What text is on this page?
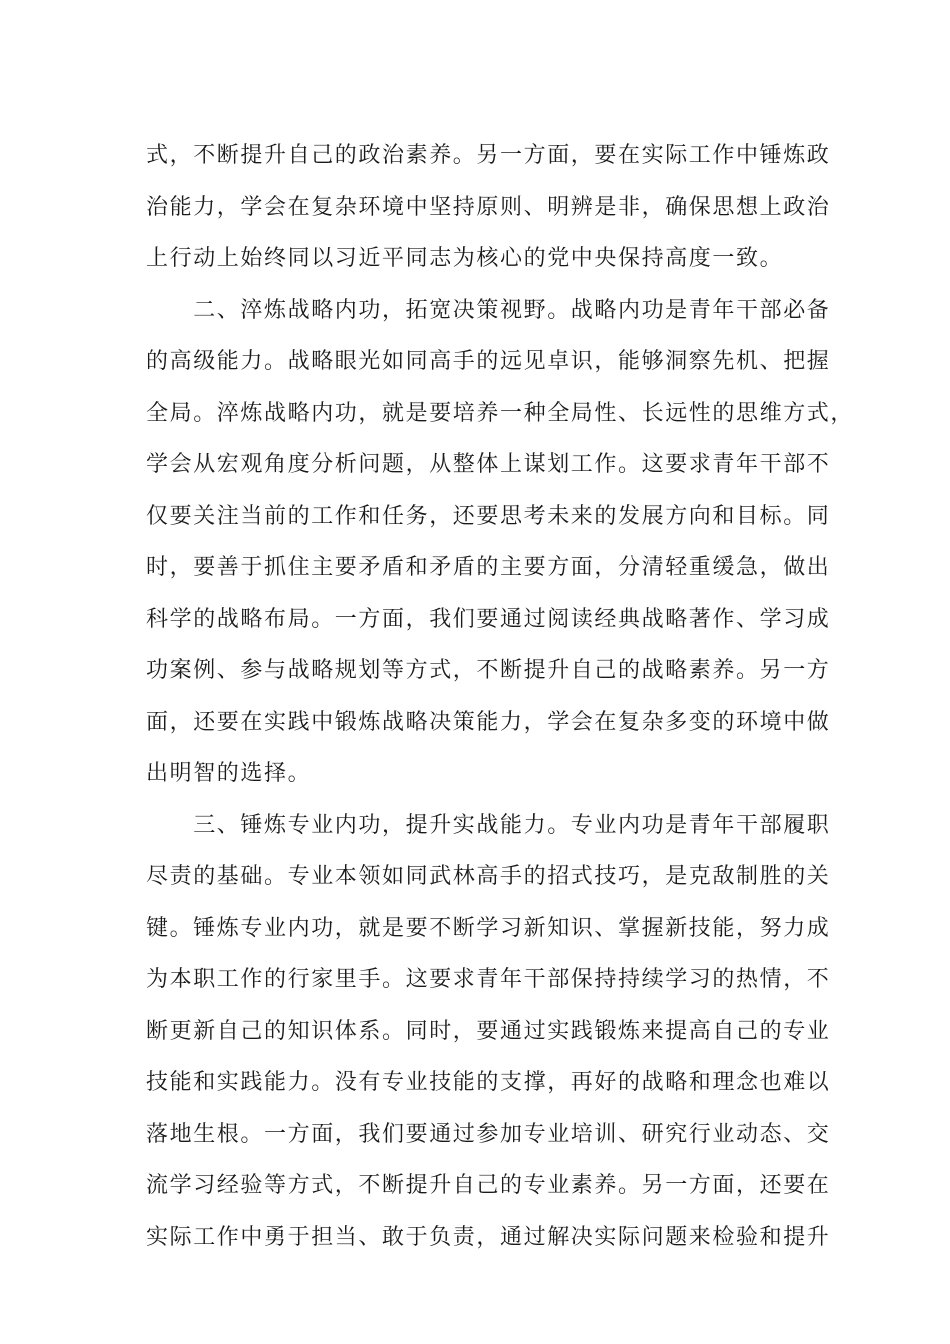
式，不断提升自己的政治素养。另一方面，要在实际工作中锤炼政
治能力，学会在复杂环境中坚持原则、明辨是非，确保思想上政治
上行动上始终同以习近平同志为核心的党中央保持高度一致。
　　二、淬炼战略内功，拓宽决策视野。战略内功是青年干部必备
的高级能力。战略眼光如同高手的远见卓识，能够洞察先机、把握
全局。淬炼战略内功，就是要培养一种全局性、长远性的思维方式，
学会从宏观角度分析问题，从整体上谋划工作。这要求青年干部不
仅要关注当前的工作和任务，还要思考未来的发展方向和目标。同
时，要善于抓住主要矛盾和矛盾的主要方面，分清轻重缓急，做出
科学的战略布局。一方面，我们要通过阅读经典战略著作、学习成
功案例、参与战略规划等方式，不断提升自己的战略素养。另一方
面，还要在实践中锻炼战略决策能力，学会在复杂多变的环境中做
出明智的选择。
　　三、锤炼专业内功，提升实战能力。专业内功是青年干部履职
尽责的基础。专业本领如同武林高手的招式技巧，是克敌制胜的关
键。锤炼专业内功，就是要不断学习新知识、掌握新技能，努力成
为本职工作的行家里手。这要求青年干部保持持续学习的热情，不
断更新自己的知识体系。同时，要通过实践锻炼来提高自己的专业
技能和实践能力。没有专业技能的支撑，再好的战略和理念也难以
落地生根。一方面，我们要通过参加专业培训、研究行业动态、交
流学习经验等方式，不断提升自己的专业素养。另一方面，还要在
实际工作中勇于担当、敢于负责，通过解决实际问题来检验和提升
